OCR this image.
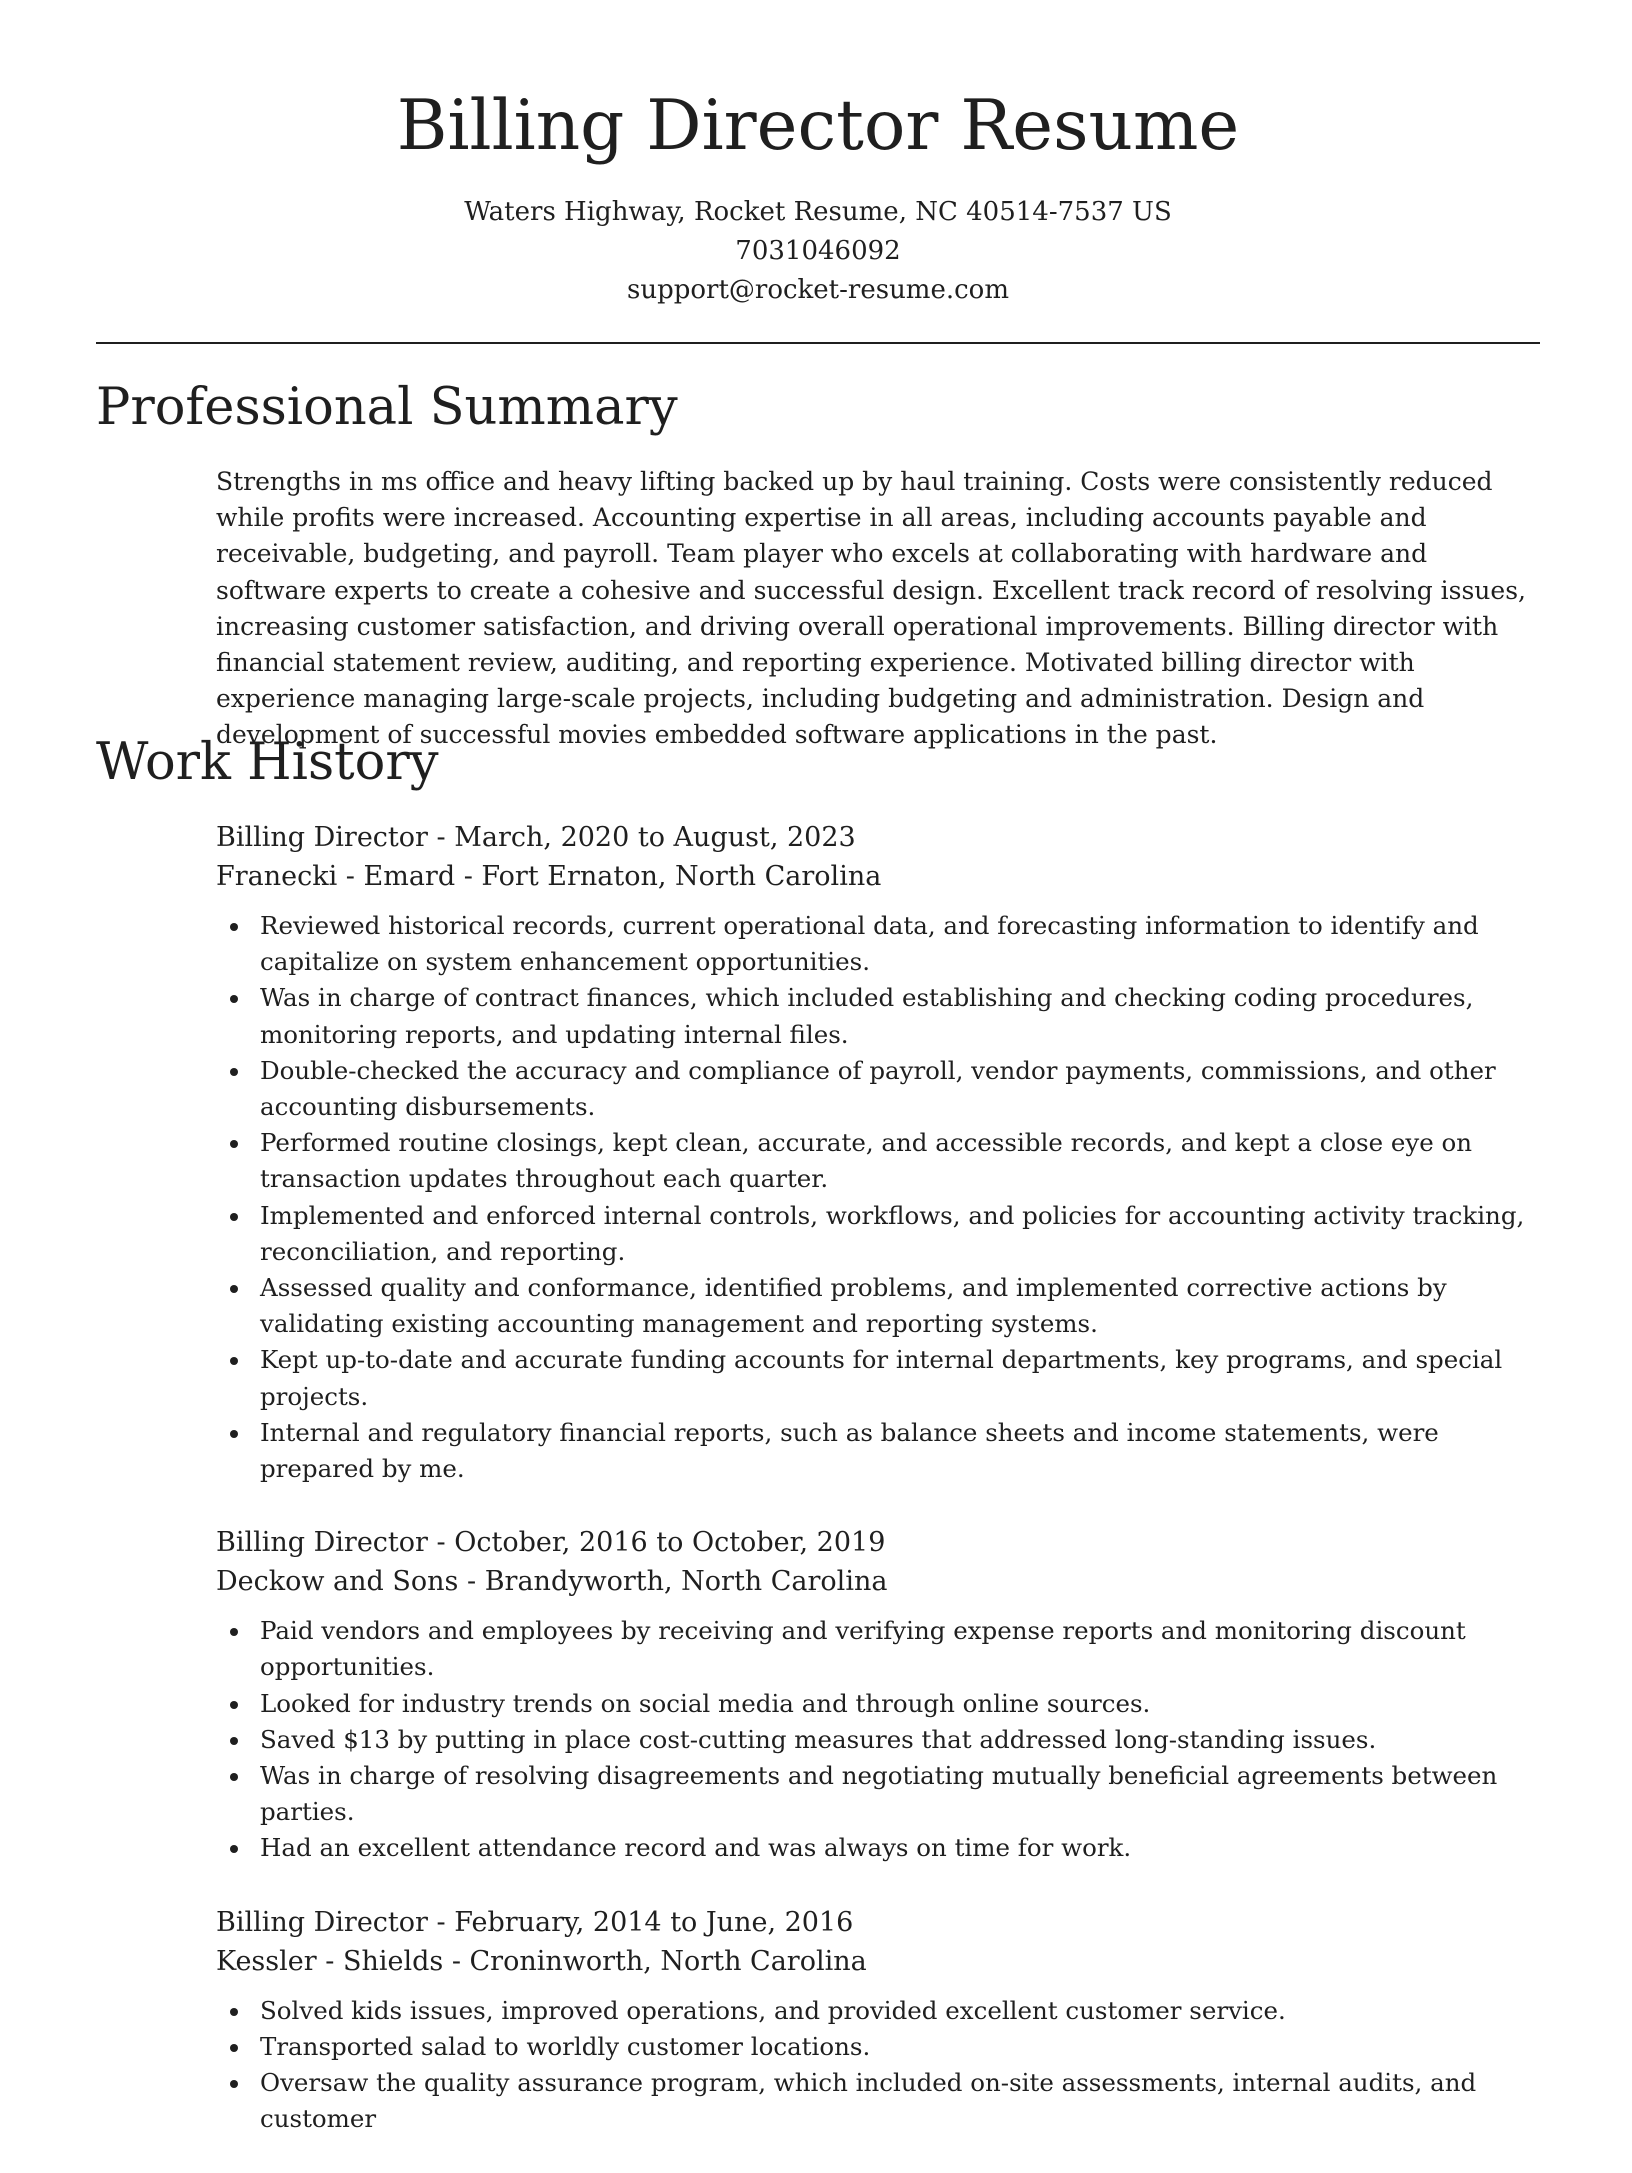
Billing Director Resume
Waters Highway, Rocket Resume, NC 40514-7537 US
7031046092
support@rocket-resume.com
Professional Summary

Strengths in ms office and heavy lifting backed up by haul training. Costs were consistently reduced while profits were increased. Accounting expertise in all areas, including accounts payable and receivable, budgeting, and payroll. Team player who excels at collaborating with hardware and software experts to create a cohesive and successful design. Excellent track record of resolving issues, increasing customer satisfaction, and driving overall operational improvements. Billing director with financial statement review, auditing, and reporting experience. Motivated billing director with experience managing large-scale projects, including budgeting and administration. Design and development of successful movies embedded software applications in the past.

Work History
Billing Director - March, 2020 to August, 2023
Franecki - Emard - Fort Ernaton, North Carolina
Reviewed historical records, current operational data, and forecasting information to identify and capitalize on system enhancement opportunities.
Was in charge of contract finances, which included establishing and checking coding procedures, monitoring reports, and updating internal files.
Double-checked the accuracy and compliance of payroll, vendor payments, commissions, and other accounting disbursements.
Performed routine closings, kept clean, accurate, and accessible records, and kept a close eye on transaction updates throughout each quarter.
Implemented and enforced internal controls, workflows, and policies for accounting activity tracking, reconciliation, and reporting.
Assessed quality and conformance, identified problems, and implemented corrective actions by validating existing accounting management and reporting systems.
Kept up-to-date and accurate funding accounts for internal departments, key programs, and special projects.
Internal and regulatory financial reports, such as balance sheets and income statements, were prepared by me.
Billing Director - October, 2016 to October, 2019
Deckow and Sons - Brandyworth, North Carolina
Paid vendors and employees by receiving and verifying expense reports and monitoring discount opportunities.
Looked for industry trends on social media and through online sources.
Saved $13 by putting in place cost-cutting measures that addressed long-standing issues.
Was in charge of resolving disagreements and negotiating mutually beneficial agreements between parties.
Had an excellent attendance record and was always on time for work.
Billing Director - February, 2014 to June, 2016
Kessler - Shields - Croninworth, North Carolina
Solved kids issues, improved operations, and provided excellent customer service.
Transported salad to worldly customer locations.
Oversaw the quality assurance program, which included on-site assessments, internal audits, and customer
